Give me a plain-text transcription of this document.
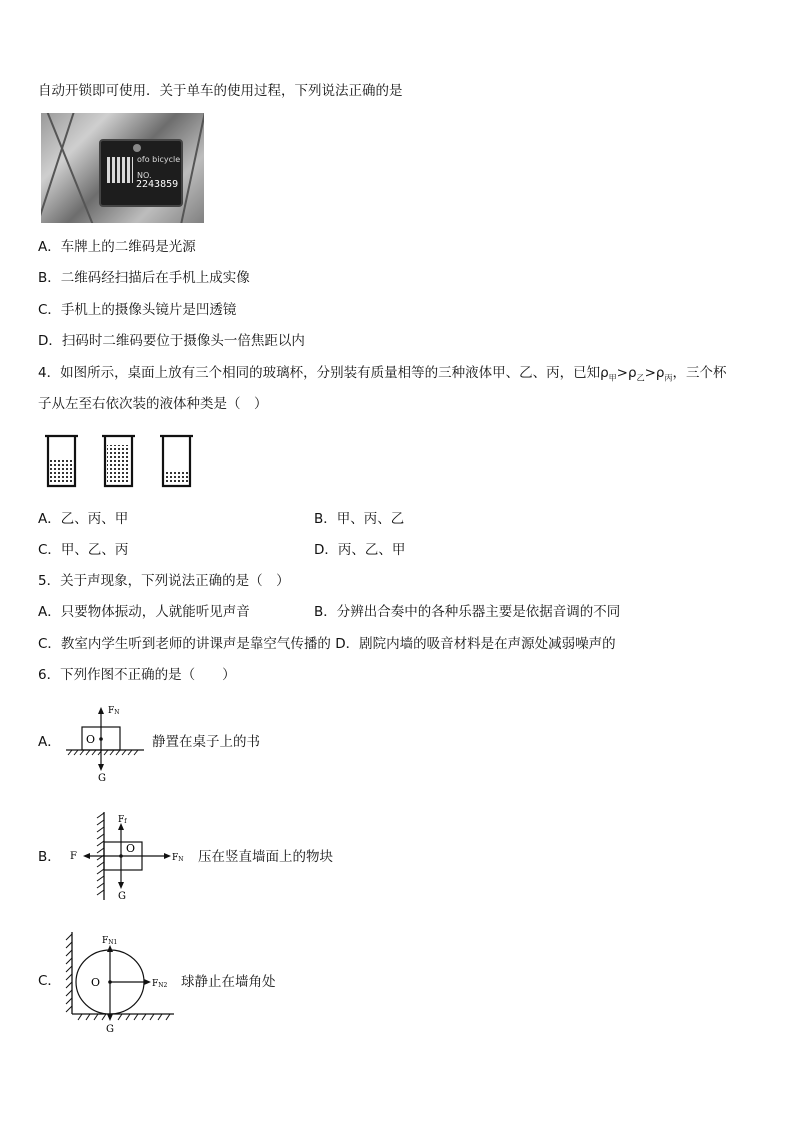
自动开锁即可使用．关于单车的使用过程，下列说法正确的是
ofo bicycle
NO.
2243859
A．车牌上的二维码是光源
B．二维码经扫描后在手机上成实像
C．手机上的摄像头镜片是凹透镜
D．扫码时二维码要位于摄像头一倍焦距以内
4．如图所示，桌面上放有三个相同的玻璃杯，分别装有质量相等的三种液体甲、乙、丙，已知$\rho_甲>\rho_乙>\rho_丙$，三个杯
子从左至右依次装的液体种类是（　）
A．乙、丙、甲	B．甲、丙、乙
C．甲、乙、丙	D．丙、乙、甲
5．关于声现象，下列说法正确的是（　）
A．只要物体振动，人就能听见声音	B．分辨出合奏中的各种乐器主要是依据音调的不同
C．教室内学生听到老师的讲课声是靠空气传播的 D．剧院内墙的吸音材料是在声源处减弱噪声的
6．下列作图不正确的是（　　）
A． O
FN
G
静置在桌子上的书
B．
O
Ff
F	FN
G
压在竖直墙面上的物块
C．	O
FN1
FN2
G
球静止在墙角处
